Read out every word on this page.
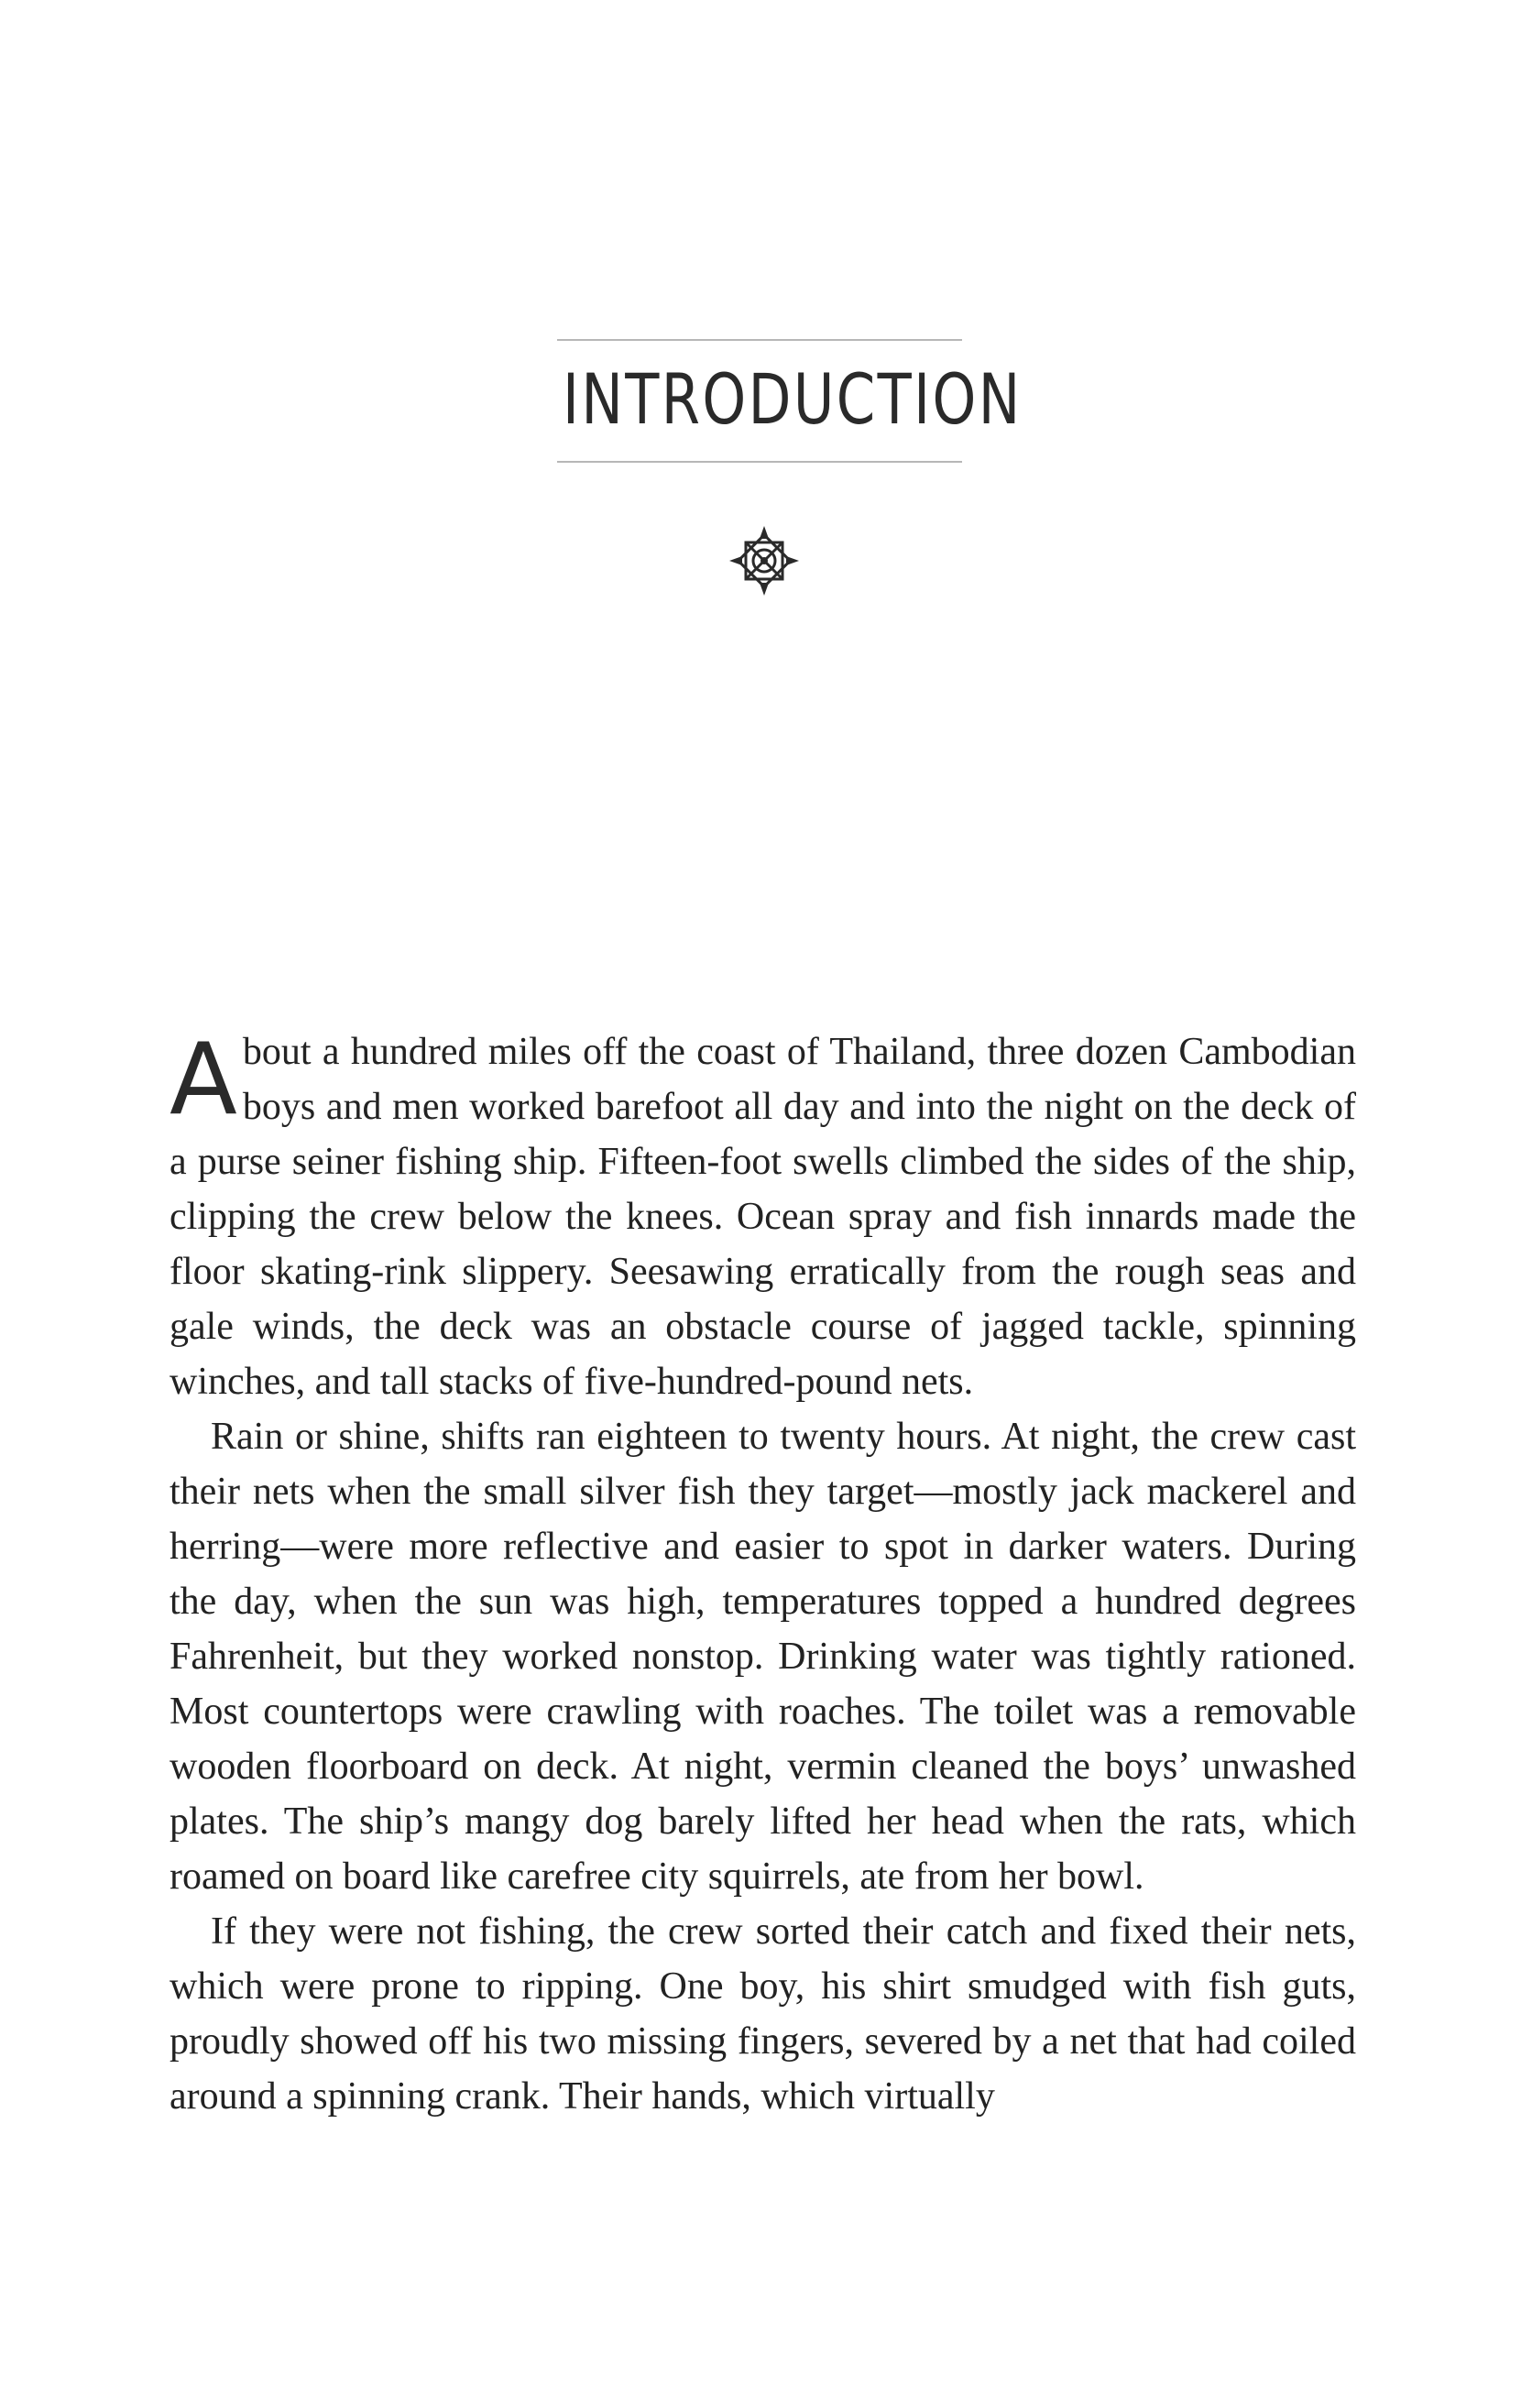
INTRODUCTION

About a hundred miles off the coast of Thailand, three dozen Cambodian boys and men worked barefoot all day and into the night on the deck of a purse seiner fishing ship. Fifteen-foot swells climbed the sides of the ship, clipping the crew below the knees. Ocean spray and fish innards made the floor skating-rink slippery. Seesawing erratically from the rough seas and gale winds, the deck was an obstacle course of jagged tackle, spinning winches, and tall stacks of five-hundred-pound nets.

Rain or shine, shifts ran eighteen to twenty hours. At night, the crew cast their nets when the small silver fish they target—mostly jack mackerel and herring—were more reflective and easier to spot in darker waters. During the day, when the sun was high, temperatures topped a hundred degrees Fahrenheit, but they worked nonstop. Drinking water was tightly rationed. Most countertops were crawling with roaches. The toilet was a removable wooden floorboard on deck. At night, vermin cleaned the boys’ unwashed plates. The ship’s mangy dog barely lifted her head when the rats, which roamed on board like carefree city squirrels, ate from her bowl.

If they were not fishing, the crew sorted their catch and fixed their nets, which were prone to ripping. One boy, his shirt smudged with fish guts, proudly showed off his two missing fingers, severed by a net that had coiled around a spinning crank. Their hands, which virtually
